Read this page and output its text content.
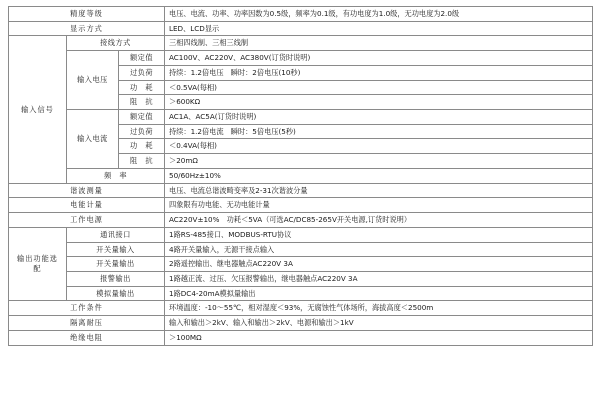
精度等级			电压、电流、功率、功率因数为0.5级，频率为0.1级，有功电度为1.0级，无功电度为2.0级
显示方式			LED、LCD显示
输入信号	接线方式		三相四线制、三相三线制
	输入电压	额定值	AC100V、AC220V、AC380V(订货时说明)
		过负荷	持续：1.2倍电压　瞬时：2倍电压(10秒)
		功　耗	＜0.5VA(每相)
		阻　抗	＞600KΩ
	输入电流	额定值	AC1A、AC5A(订货时说明)
		过负荷	持续：1.2倍电流　瞬时：5倍电压(5秒)
		功　耗	＜0.4VA(每相)
		阻　抗	＞20mΩ
	频　率		50/60Hz±10%
谐波测量			电压、电流总谐波畸变率及2-31次谐波分量
电能计量			四象限有功电能、无功电能计量
工作电源			AC220V±10%　功耗＜5VA（可选AC/DC85-265V开关电源,订货时说明）
输出功能选配	通讯接口		1路RS-485接口、MODBUS-RTU协议
	开关量输入		4路开关量输入，无源干接点输入
	开关量输出		2路遥控输出、继电器触点AC220V 3A
	报警输出		1路越正流、过压、欠压报警输出，继电器触点AC220V 3A
	模拟量输出		1路DC4-20mA模拟量输出
工作条件			环境温度：-10～55℃，相对湿度＜93%，无腐蚀性气体场所，海拔高度＜2500m
隔离耐压			输入和输出＞2kV、输入和输出＞2kV、电源和输出＞1kV
绝缘电阻			＞100MΩ
